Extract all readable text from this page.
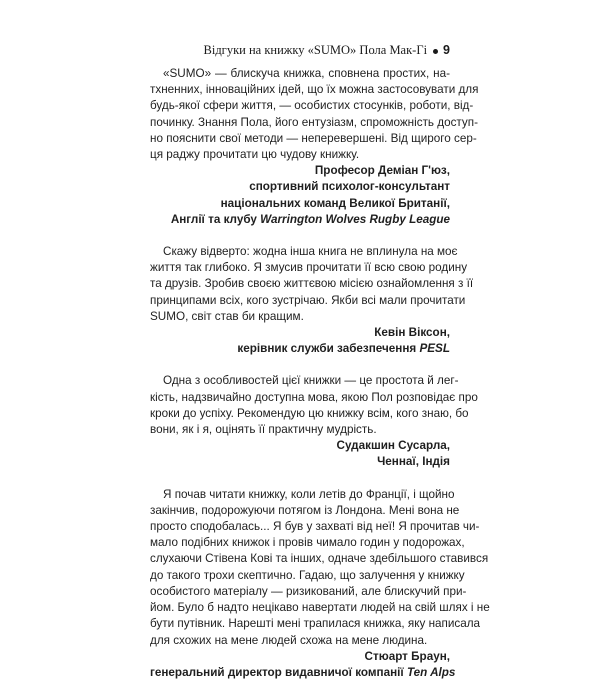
Відгуки на книжку «SUMO» Пола Мак-Гі 9
«SUMO» — блискуча книжка, сповнена простих, на-
тхненних, інноваційних ідей, що їх можна застосовувати для
будь-якої сфери життя, — особистих стосунків, роботи, від-
починку. Знання Пола, його ентузіазм, спроможність доступ-
но пояснити свої методи — неперевершені. Від щирого сер-
ця раджу прочитати цю чудову книжку.
Професор Деміан Г'юз,
спортивний психолог-консультант
національних команд Великої Британії,
Англії та клубу Warrington Wolves Rugby League
Скажу відверто: жодна інша книга не вплинула на моє
життя так глибоко. Я змусив прочитати її всю свою родину
та друзів. Зробив своєю життєвою місією ознайомлення з її
принципами всіх, кого зустрічаю. Якби всі мали прочитати
SUMO, світ став би кращим.
Кевін Віксон,
керівник служби забезпечення PESL
Одна з особливостей цієї книжки — це простота й лег-
кість, надзвичайно доступна мова, якою Пол розповідає про
кроки до успіху. Рекомендую цю книжку всім, кого знаю, бо
вони, як і я, оцінять її практичну мудрість.
Судакшин Сусарла,
Ченнаї, Індія
Я почав читати книжку, коли летів до Франції, і щойно
закінчив, подорожуючи потягом із Лондона. Мені вона не
просто сподобалась... Я був у захваті від неї! Я прочитав чи-
мало подібних книжок і провів чимало годин у подорожах,
слухаючи Стівена Кові та інших, одначе здебільшого ставився
до такого трохи скептично. Гадаю, що залучення у книжку
особистого матеріалу — ризикований, але блискучий при-
йом. Було б надто нецікаво навертати людей на свій шлях і не
бути путівник. Нарешті мені трапилася книжка, яку написала
для схожих на мене людей схожа на мене людина.
Стюарт Браун,
генеральний директор видавничої компанії Ten Alps
